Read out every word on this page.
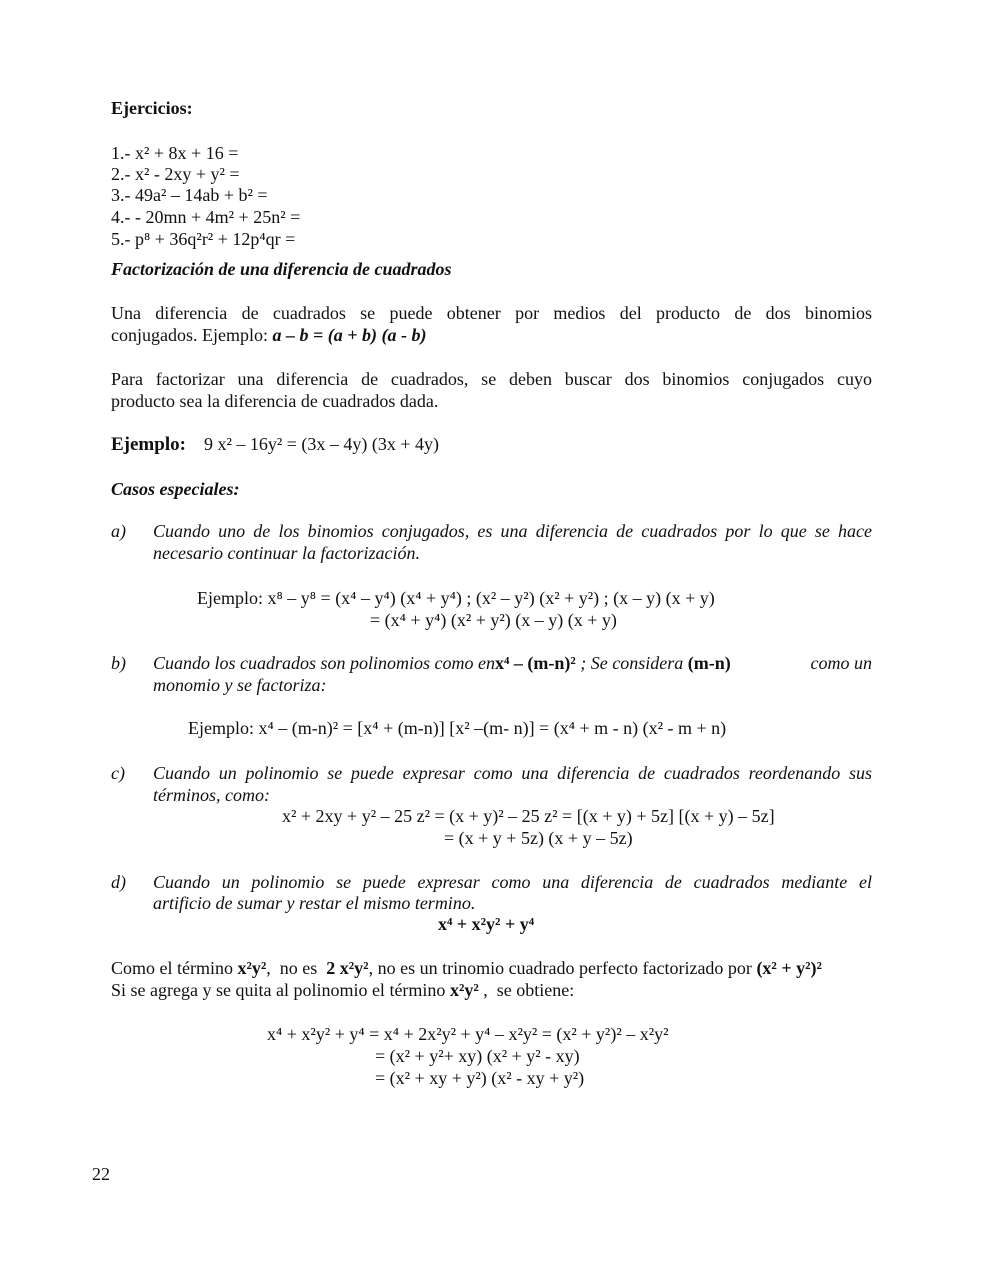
Ejercicios:
1.- x² + 8x + 16 =
2.- x² - 2xy + y² =
3.- 49a² – 14ab + b² =
4.- - 20mn + 4m² + 25n² =
5.- p⁸ + 36q²r² + 12p⁴qr =
Factorización de una diferencia de cuadrados
Una diferencia de cuadrados se puede obtener por medios del producto de dos binomios
conjugados. Ejemplo: a – b = (a + b) (a - b)
Para factorizar una diferencia de cuadrados, se deben buscar dos binomios conjugados cuyo
producto sea la diferencia de cuadrados dada.
Ejemplo: 9 x² – 16y² = (3x – 4y) (3x + 4y)
Casos especiales:
a) Cuando uno de los binomios conjugados, es una diferencia de cuadrados por lo que se hace
necesario continuar la factorización.
Ejemplo: x⁸ – y⁸ = (x⁴ – y⁴) (x⁴ + y⁴) ; (x² – y²) (x² + y²) ; (x – y) (x + y)
= (x⁴ + y⁴) (x² + y²) (x – y) (x + y)
b) Cuando los cuadrados son polinomios como en x⁴ – (m-n)² ; Se considera (m-n)	como un
monomio y se factoriza:
Ejemplo: x⁴ – (m-n)² = [x⁴ + (m-n)] [x² –(m- n)] = (x⁴ + m - n) (x² - m + n)
c) Cuando un polinomio se puede expresar como una diferencia de cuadrados reordenando sus
términos, como:
x² + 2xy + y² – 25 z² = (x + y)² – 25 z² = [(x + y) + 5z] [(x + y) – 5z]
= (x + y + 5z) (x + y – 5z)
d) Cuando un polinomio se puede expresar como una diferencia de cuadrados mediante el
artificio de sumar y restar el mismo termino.
x⁴ + x²y² + y⁴
Como el término x²y²,  no es  2 x²y², no es un trinomio cuadrado perfecto factorizado por (x² + y²)²
Si se agrega y se quita al polinomio el término x²y² ,  se obtiene:
x⁴ + x²y² + y⁴ = x⁴ + 2x²y² + y⁴ – x²y² = (x² + y²)² – x²y²
= (x² + y²+ xy) (x² + y² - xy)
= (x² + xy + y²) (x² - xy + y²)
22
